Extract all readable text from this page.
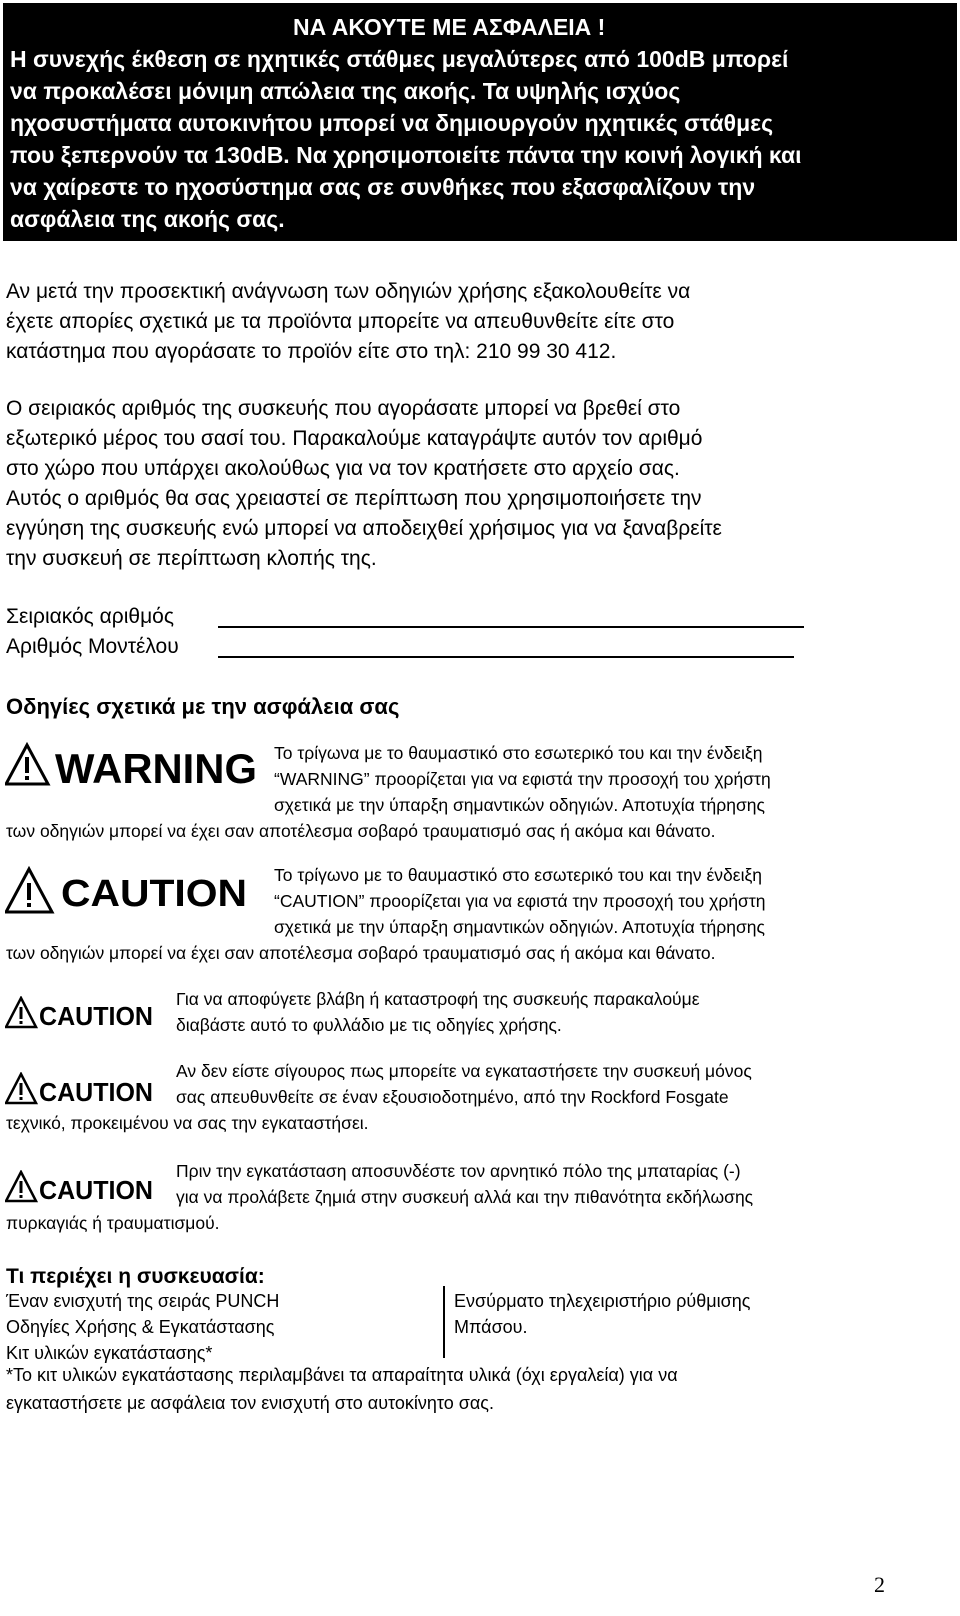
ΝΑ ΑΚΟΥΤΕ ΜΕ ΑΣΦΑΛΕΙΑ !
Η συνεχής έκθεση σε ηχητικές στάθμες μεγαλύτερες από 100dB μπορεί
να προκαλέσει μόνιμη απώλεια της ακοής. Τα υψηλής ισχύος
ηχοσυστήματα αυτοκινήτου μπορεί να δημιουργούν ηχητικές στάθμες
που ξεπερνούν τα 130dB. Να χρησιμοποιείτε πάντα την κοινή λογική και
να χαίρεστε το ηχοσύστημα σας σε συνθήκες που εξασφαλίζουν την
ασφάλεια της ακοής σας.
Αν μετά την προσεκτική ανάγνωση των οδηγιών χρήσης εξακολουθείτε να
έχετε απορίες σχετικά με τα προϊόντα μπορείτε να απευθυνθείτε είτε στο
κατάστημα που αγοράσατε το προϊόν είτε στο τηλ: 210 99 30 412.
Ο σειριακός αριθμός της συσκευής που αγοράσατε μπορεί να βρεθεί στο
εξωτερικό μέρος του σασί του. Παρακαλούμε καταγράψτε αυτόν τον αριθμό
στο χώρο που υπάρχει ακολούθως για να τον κρατήσετε στο αρχείο σας.
Αυτός ο αριθμός θα σας χρειαστεί σε περίπτωση που χρησιμοποιήσετε την
εγγύηση της συσκευής ενώ μπορεί να αποδειχθεί χρήσιμος για να ξαναβρείτε
την συσκευή σε περίπτωση κλοπής της.
Σειριακός αριθμός
Αριθμός Μοντέλου
Οδηγίες σχετικά με την ασφάλεια σας
WARNING Το τρίγωνα με το θαυμαστικό στο εσωτερικό του και την ένδειξη
“WARNING” προορίζεται για να εφιστά την προσοχή του χρήστη
σχετικά με την ύπαρξη σημαντικών οδηγιών. Αποτυχία τήρησης
των οδηγιών μπορεί να έχει σαν αποτέλεσμα σοβαρό τραυματισμό σας ή ακόμα και θάνατο.
CAUTION Το τρίγωνο με το θαυμαστικό στο εσωτερικό του και την ένδειξη
“CAUTION” προορίζεται για να εφιστά την προσοχή του χρήστη
σχετικά με την ύπαρξη σημαντικών οδηγιών. Αποτυχία τήρησης
των οδηγιών μπορεί να έχει σαν αποτέλεσμα σοβαρό τραυματισμό σας ή ακόμα και θάνατο.
CAUTION
Για να αποφύγετε βλάβη ή καταστροφή της συσκευής παρακαλούμε
διαβάστε αυτό το φυλλάδιο με τις οδηγίες χρήσης.
CAUTION
Αν δεν είστε σίγουρος πως μπορείτε να εγκαταστήσετε την συσκευή μόνος
σας απευθυνθείτε σε έναν εξουσιοδοτημένο, από την Rockford Fosgate
τεχνικό, προκειμένου να σας την εγκαταστήσει.
CAUTION
Πριν την εγκατάσταση αποσυνδέστε τον αρνητικό πόλο της μπαταρίας (-)
για να προλάβετε ζημιά στην συσκευή αλλά και την πιθανότητα εκδήλωσης
πυρκαγιάς ή τραυματισμού.
Τι περιέχει η συσκευασία:
Έναν ενισχυτή της σειράς PUNCH
Οδηγίες Χρήσης & Εγκατάστασης
Κιτ υλικών εγκατάστασης*
Ενσύρματο τηλεχειριστήριο ρύθμισης
Μπάσου.
*Το κιτ υλικών εγκατάστασης περιλαμβάνει τα απαραίτητα υλικά (όχι εργαλεία) για να
εγκαταστήσετε με ασφάλεια τον ενισχυτή στο αυτοκίνητο σας.
2
